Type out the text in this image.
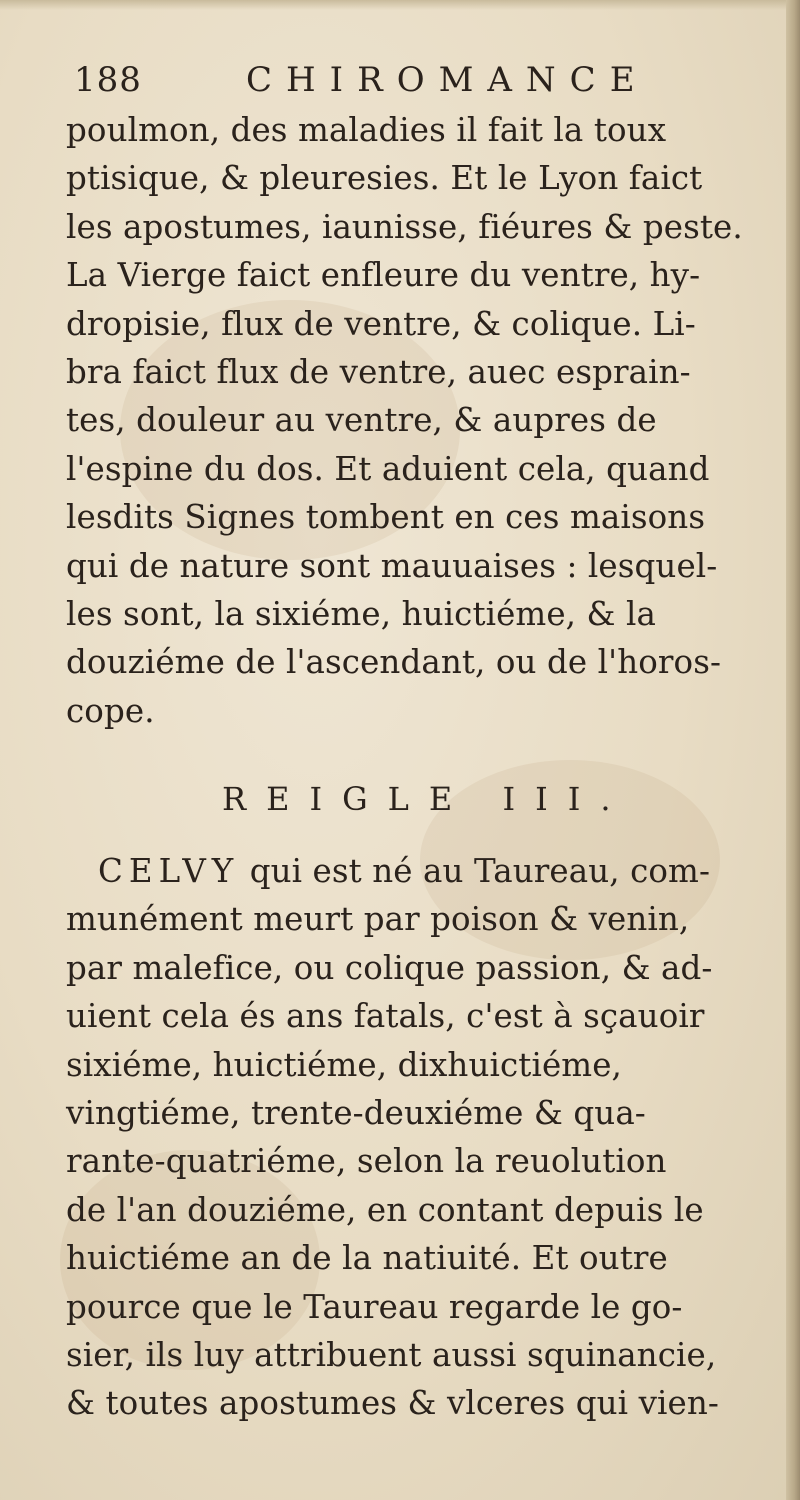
188	CHIROMANCE
poulmon, des maladies il fait la toux
ptisique, & pleuresies. Et le Lyon faict
les apostumes, iaunisse, fiéures & peste.
La Vierge faict enfleure du ventre, hy-
dropisie, flux de ventre, & colique. Li-
bra faict flux de ventre, auec esprain-
tes, douleur au ventre, & aupres de
l'espine du dos. Et aduient cela, quand
lesdits Signes tombent en ces maisons
qui de nature sont mauuaises : lesquel-
les sont, la sixiéme, huictiéme, & la
douziéme de l'ascendant, ou de l'horos-
cope.
REIGLE III.
CELVY qui est né au Taureau, com-
munément meurt par poison & venin,
par malefice, ou colique passion, & ad-
uient cela és ans fatals, c'est à sçauoir
sixiéme, huictiéme, dixhuictiéme,
vingtiéme, trente-deuxiéme & qua-
rante-quatriéme, selon la reuolution
de l'an douziéme, en contant depuis le
huictiéme an de la natiuité. Et outre
pource que le Taureau regarde le go-
sier, ils luy attribuent aussi squinancie,
& toutes apostumes & vlceres qui vien-
